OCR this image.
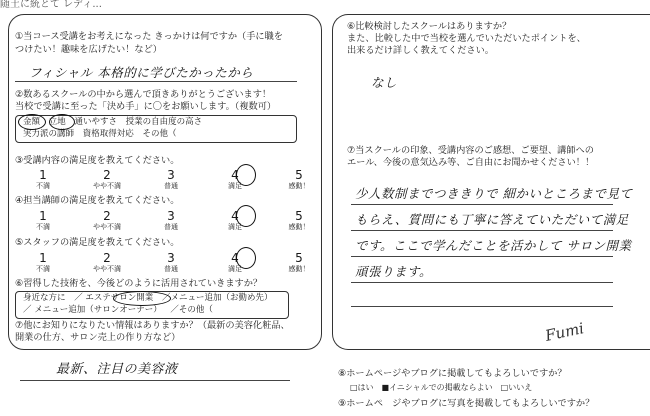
随土に統とて レディ...
①当コース受講をお考えになった きっかけは何ですか（手に職を
つけたい！趣味を広げたい！など）
フィシャル 本格的に学びたかったから
②数あるスクールの中から選んで頂きありがとうございます！
当校で受講に至った「決め手」に〇をお願いします。（複数可）
金額 立地 通いやすさ 授業の自由度の高さ
実力派の講師 資格取得対応 その他（
③受講内容の満足度を教えてください。
1
不満
2
やや不満
3
普通
4
満足
5
感動！
④担当講師の満足度を教えてください。
1
不満
2
やや不満
3
普通
4
満足
5
感動！
⑤スタッフの満足度を教えてください。
1
不満
2
やや不満
3
普通
4
満足
5
感動！
⑥習得した技術を、今後どのように活用されていきますか？
身近な方に ／ エステサロン開業 ／メニュー追加（お勤め先）
／ メニュー追加（サロンオーナー） ／その他（
⑦他にお知りになりたい情報はありますか？（最新の美容化粧品、
開業の仕方、サロン売上の作り方など）
最新、注目の美容液
⑥比較検討したスクールはありますか？
また、比較した中で当校を選んでいただいたポイントを、
出来るだけ詳しく教えてください。
なし
⑦当スクールの印象、受講内容のご感想、ご要望、講師への
エール、今後の意気込み等、ご自由にお聞かせください！！
少人数制までつききりで 細かいところまで見て
もらえ、質問にも丁寧に答えていただいて満足
です。ここで学んだことを活かして サロン開業
頑張ります。
Fumi
⑧ホームページやブログに掲載してもよろしいですか？
□はい　■イニシャルでの掲載ならよい　□いいえ
⑨ホームペ　ジやブログに写真を掲載してもよろしいですか？
